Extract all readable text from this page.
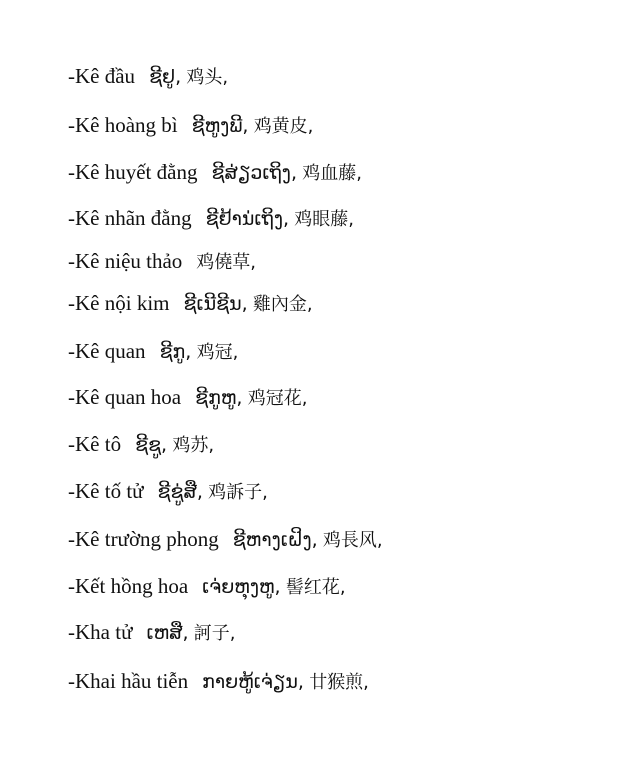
-Kê đầu ຊີຢູ, 鸡头,
-Kê hoàng bì ຊີຫູງພີ, 鸡黄皮,
-Kê huyết đằng ຊີສ່ຽວເຖິງ, 鸡血藤,
-Kê nhãn đằng ຊີຢ້ານ່ເຖິງ, 鸡眼藤,
-Kê niệu thảo 鸡僥草,
-Kê nội kim ຊີເນີຊີນ, 雞內金,
-Kê quan ຊີກູ, 鸡冠,
-Kê quan hoa ຊີກູຫູ, 鸡冠花,
-Kê tô ຊີຊູ, 鸡苏,
-Kê tố tử ຊີຊູ່ສື, 鸡訴子,
-Kê trường phong ຊີຫາງເຝິງ, 鸡長风,
-Kết hồng hoa ເຈ່ຍຫຸງຫູ, 髻红花,
-Kha tử ເຫສື, 訶子,
-Khai hầu tiễn ກາຍຫູ້ເຈ່ຽນ, 廿猴煎,
